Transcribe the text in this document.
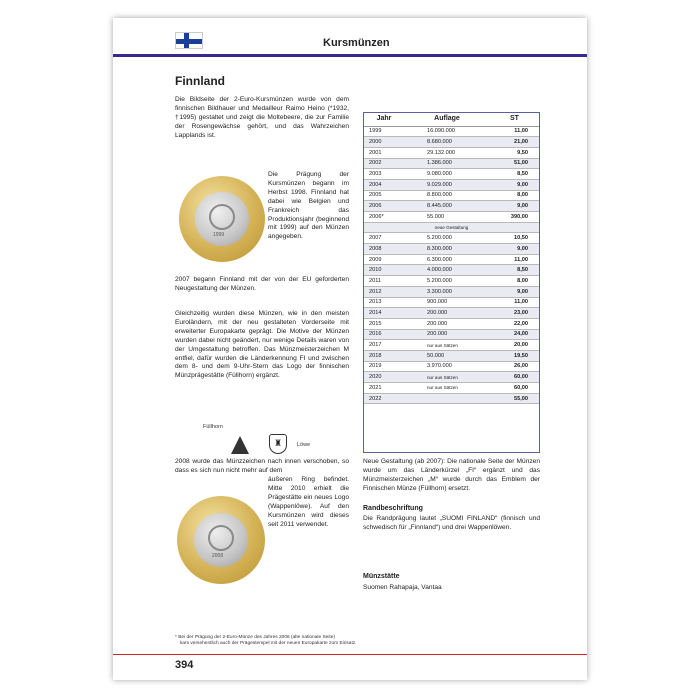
Kursmünzen
Finnland
Die Bildseite der 2-Euro-Kursmünzen wurde von dem finnischen Bildhauer und Medailleur Raimo Heino (*1932, †1995) gestaltet und zeigt die Moltebeere, die zur Familie der Rosengewächse gehört, und das Wahrzeichen Lapplands ist.
1999
Die Prägung der Kursmünzen begann im Herbst 1998. Finnland hat dabei wie Belgien und Frankreich das Produktionsjahr (beginnend mit 1999) auf den Münzen angegeben.
2007 begann Finnland mit der von der EU geforderten Neugestaltung der Münzen.
Gleichzeitig wurden diese Münzen, wie in den meisten Euroländern, mit der neu gestalteten Vorderseite mit erweiterter Europakarte geprägt. Die Motive der Münzen wurden dabei nicht geändert, nur wenige Details waren von der Umgestaltung betroffen. Das Münzmeisterzeichen M entfiel, dafür wurden die Länderkennung FI und zwischen dem 8- und dem 9-Uhr-Stern das Logo der finnischen Münzprägestätte (Füllhorn) ergänzt.
Füllhorn
♜	Löwe
2008 wurde das Münzzeichen nach innen verschoben, so dass es sich nun nicht mehr auf dem
2008
äußeren Ring befindet. Mitte 2010 erhielt die Prägestätte ein neues Logo (Wappenlöwe). Auf den Kursmünzen wird dieses seit 2011 verwendet.
Jahr	Auflage	ST
1999	16.090.000	11,00
2000	8.680.000	21,00
2001	29.132.000	9,50
2002	1.386.000	51,00
2003	9.080.000	8,50
2004	9.029.000	9,00
2005	8.800.000	8,00
2006	8.445.000	9,00
2006*	55.000	390,00
neue Gestaltung		
2007	5.200.000	10,50
2008	8.300.000	9,00
2009	6.300.000	11,00
2010	4.000.000	8,50
2011	5.200.000	8,00
2012	3.300.000	9,00
2013	900.000	11,00
2014	200.000	23,00
2015	200.000	22,00
2016	200.000	24,00
2017	nur aus Sätzen	20,00
2018	50.000	19,50
2019	3.970.000	26,00
2020	nur aus Sätzen	60,00
2021	nur aus Sätzen	60,00
2022		55,00
Neue Gestaltung (ab 2007): Die nationale Seite der Münzen wurde um das Länderkürzel „FI“ ergänzt und das Münzmeisterzeichen „M“ wurde durch das Emblem der Finnischen Münze (Füllhorn) ersetzt.
Randbeschriftung
Die Randprägung lautet „SUOMI FINLAND“ (finnisch und schwedisch für „Finnland“) und drei Wappenlöwen.
Münzstätte
Suomen Rahapaja, Vantaa
* Bei der Prägung der 2-Euro-Münze des Jahres 2006 (alte nationale Seite)
kam versehentlich auch der Prägestempel mit der neuen Europakarte zum Einsatz.
394
